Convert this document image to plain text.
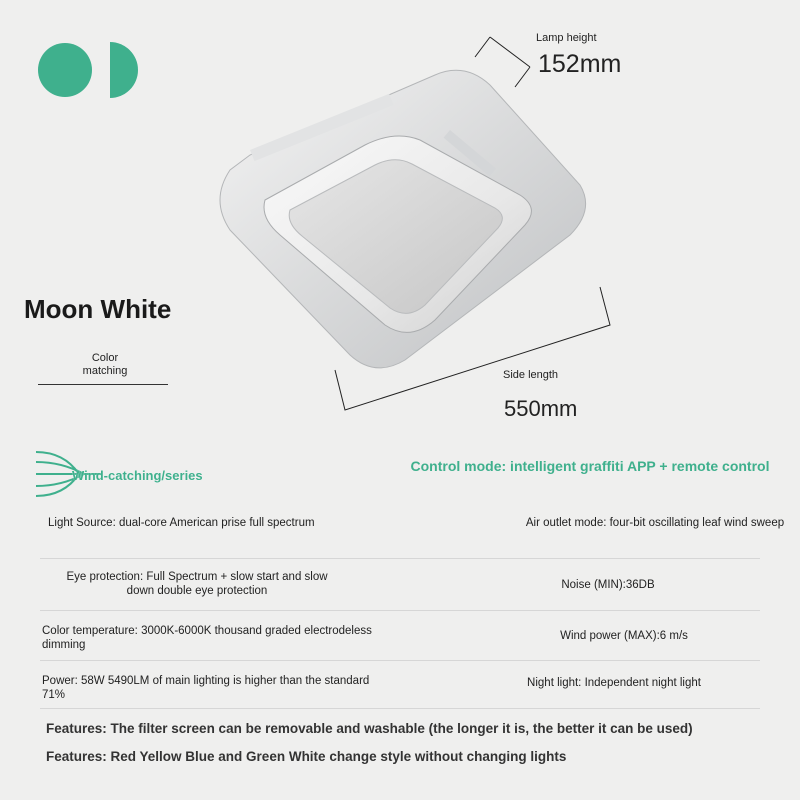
Lamp height
152mm
Side length
550mm
Moon White
Color matching
Wind-catching/series
Control mode: intelligent graffiti APP + remote control
Light Source: dual-core American prise full spectrum
Eye protection: Full Spectrum + slow start and slow down double eye protection
Color temperature: 3000K-6000K thousand graded electrodeless dimming
Power: 58W 5490LM of main lighting is higher than the standard 71%
Air outlet mode: four-bit oscillating leaf wind sweep
Noise (MIN):36DB
Wind power (MAX):6 m/s
Night light: Independent night light
Features: The filter screen can be removable and washable (the longer it is, the better it can be used)
Features: Red Yellow Blue and Green White change style without changing lights
